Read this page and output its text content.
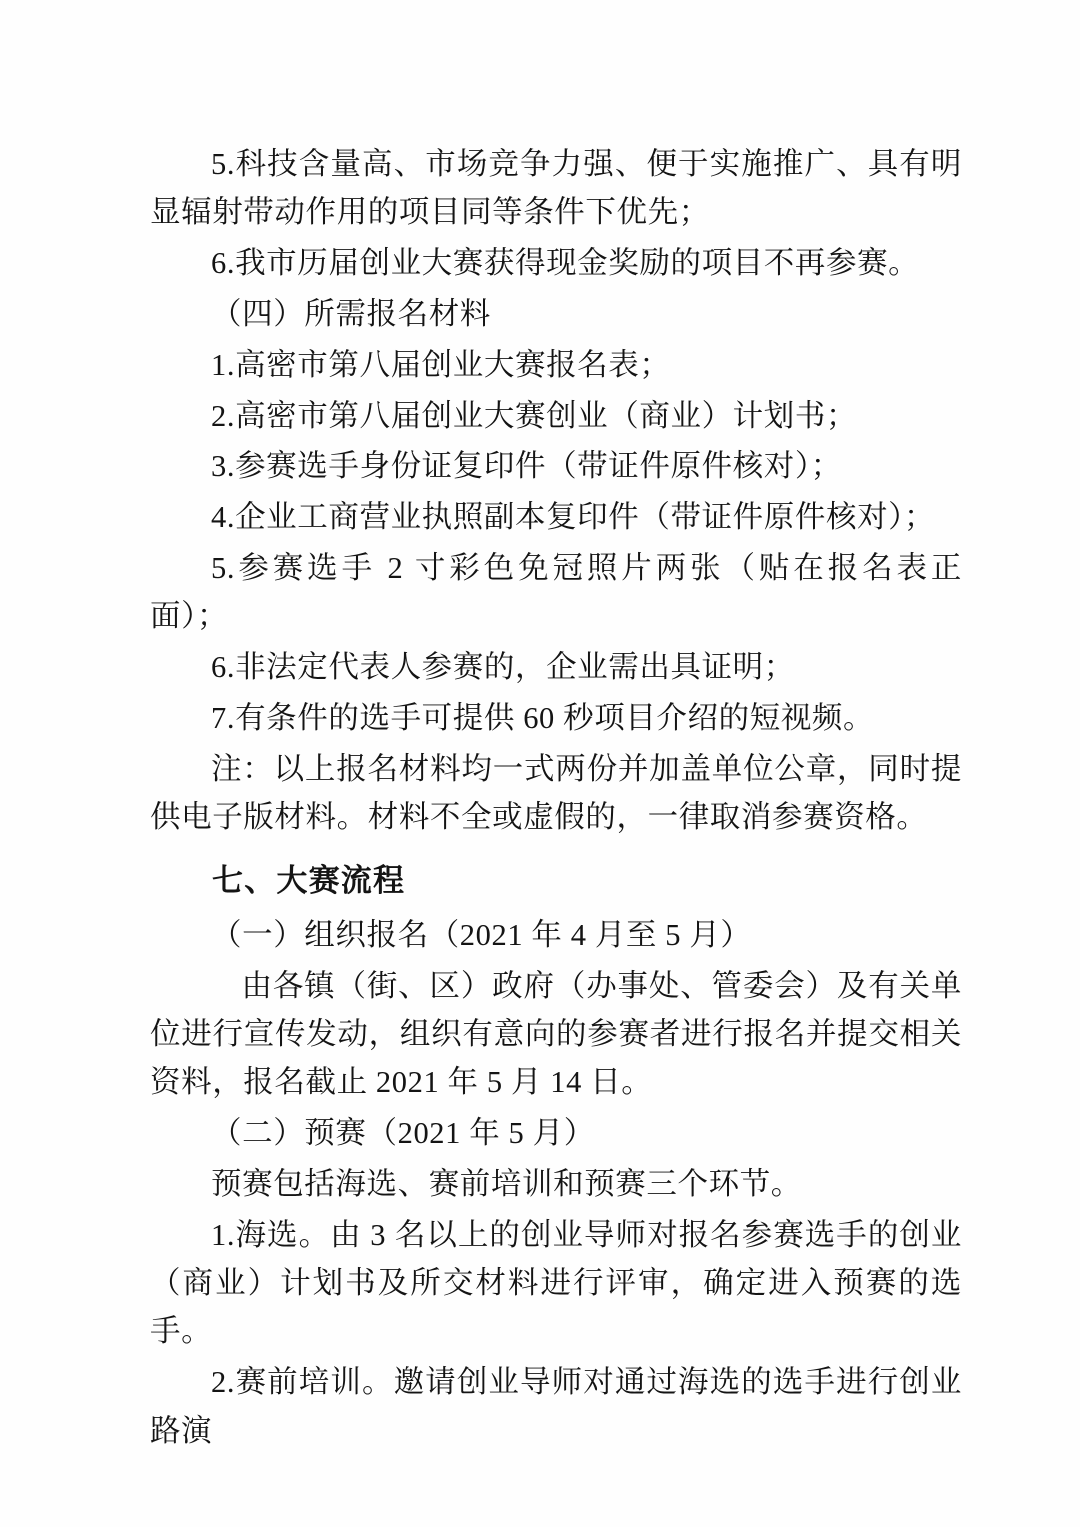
5.科技含量高、市场竞争力强、便于实施推广、具有明显辐射带动作用的项目同等条件下优先；

6.我市历届创业大赛获得现金奖励的项目不再参赛。

（四）所需报名材料

1.高密市第八届创业大赛报名表；

2.高密市第八届创业大赛创业（商业）计划书；

3.参赛选手身份证复印件（带证件原件核对）；

4.企业工商营业执照副本复印件（带证件原件核对）；

5.参赛选手 2 寸彩色免冠照片两张（贴在报名表正面）；

6.非法定代表人参赛的，企业需出具证明；

7.有条件的选手可提供 60 秒项目介绍的短视频。

注：以上报名材料均一式两份并加盖单位公章，同时提供电子版材料。材料不全或虚假的，一律取消参赛资格。

七、大赛流程

（一）组织报名（2021 年 4 月至 5 月）

由各镇（街、区）政府（办事处、管委会）及有关单位进行宣传发动，组织有意向的参赛者进行报名并提交相关资料，报名截止 2021 年 5 月 14 日。

（二）预赛（2021 年 5 月）

预赛包括海选、赛前培训和预赛三个环节。

1.海选。由 3 名以上的创业导师对报名参赛选手的创业（商业）计划书及所交材料进行评审，确定进入预赛的选手。

2.赛前培训。邀请创业导师对通过海选的选手进行创业路演
